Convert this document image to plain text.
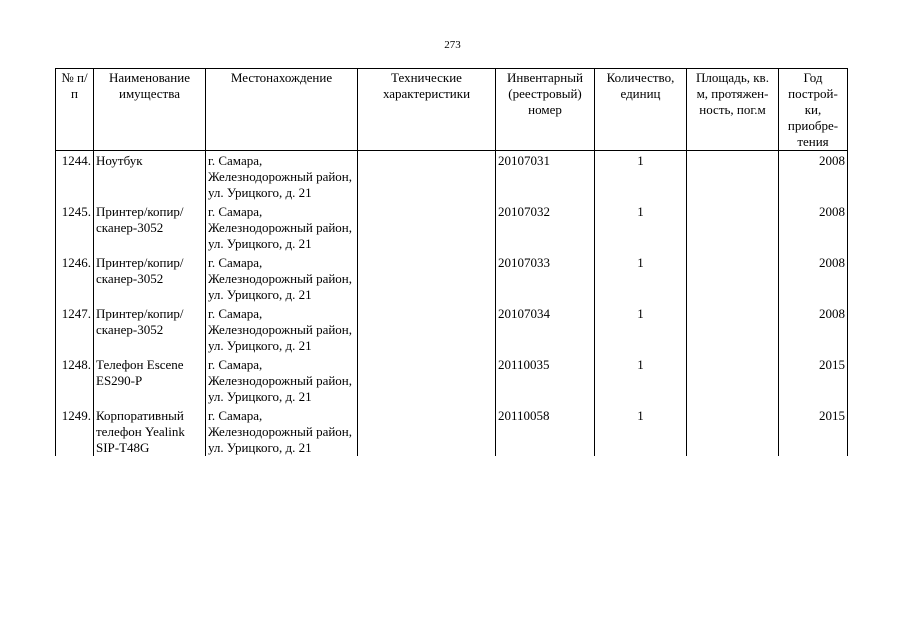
273
№ п/п	Наименование имущества	Местонахождение	Технические характеристики	Инвентарный (реестровый) номер	Количество, единиц	Площадь, кв. м, протяжен-ность, пог.м	Год построй-ки, приобре-тения
1244.	Ноутбук	г. Самара, Железнодорожный район, ул. Урицкого, д. 21		20107031	1		2008
1245.	Принтер/копир/ сканер-3052	г. Самара, Железнодорожный район, ул. Урицкого, д. 21		20107032	1		2008
1246.	Принтер/копир/ сканер-3052	г. Самара, Железнодорожный район, ул. Урицкого, д. 21		20107033	1		2008
1247.	Принтер/копир/ сканер-3052	г. Самара, Железнодорожный район, ул. Урицкого, д. 21		20107034	1		2008
1248.	Телефон Escene ES290-P	г. Самара, Железнодорожный район, ул. Урицкого, д. 21		20110035	1		2015
1249.	Корпоративный телефон Yealink SIP-T48G	г. Самара, Железнодорожный район, ул. Урицкого, д. 21		20110058	1		2015
